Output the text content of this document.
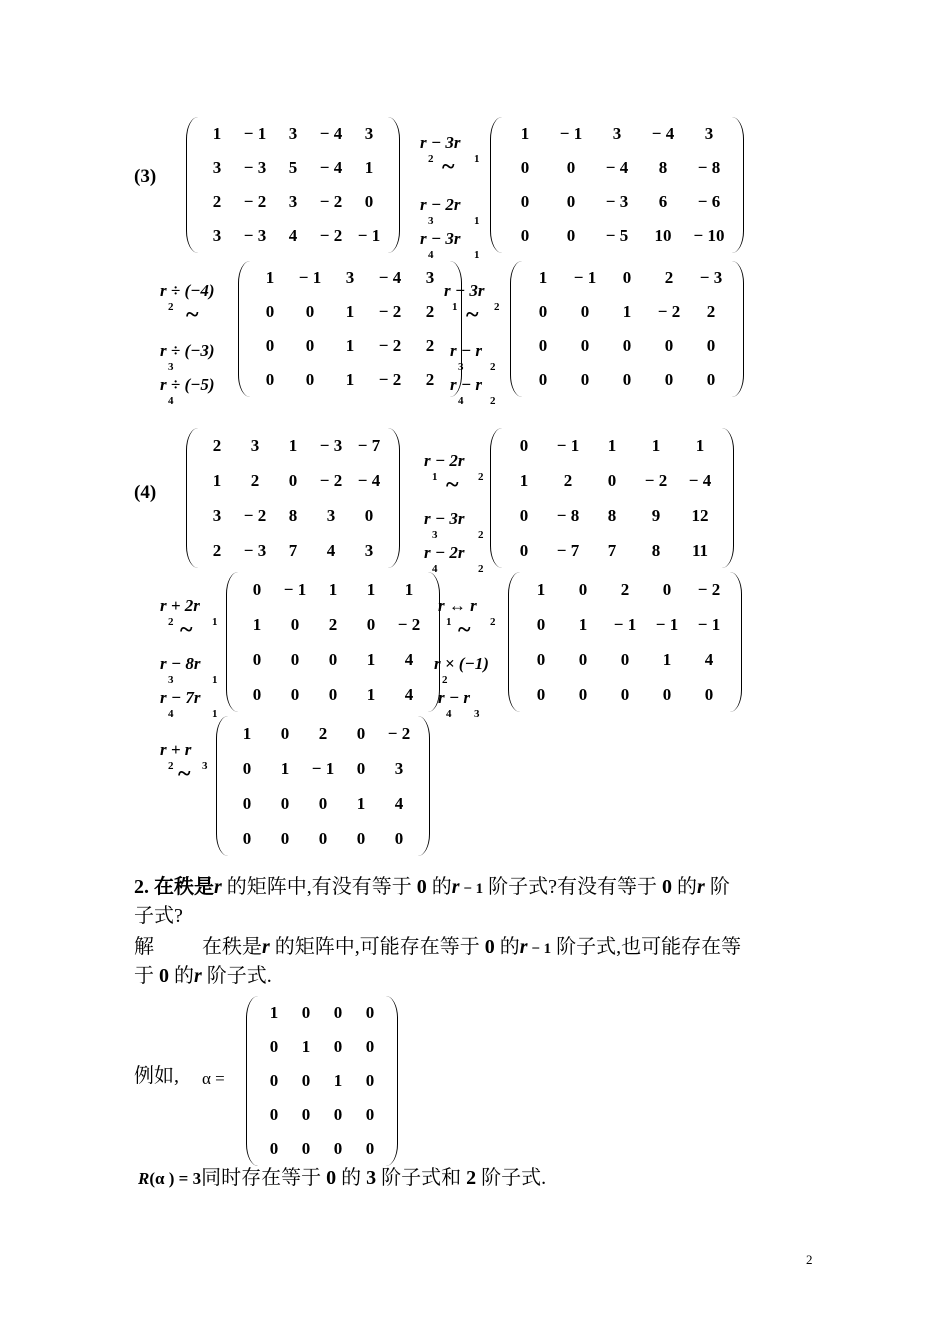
(3)
1	− 1	3	− 4	3
3	− 3	5	− 4	1
2	− 2	3	− 2	0
3	− 3	4	− 2	− 1
r − 3r
2	1
~
r − 2r
3	1
r − 3r
4	1
1	− 1	3	− 4	3
0	0	− 4	8	− 8
0	0	− 3	6	− 6
0	0	− 5	10	− 10
r ÷ (−4)
2 ~
r ÷ (−3)
3
r ÷ (−5)
4
1	− 1	3	− 4	3
0	0	1	− 2	2
0	0	1	− 2	2
0	0	1	− 2	2
r − 3r
1	2
~
r − r
3 2
r − r
4 2
1	− 1	0	2	− 3
0	0	1	− 2	2
0	0	0	0	0
0	0	0	0	0
(4)
2	3	1	− 3	− 7
1	2	0	− 2	− 4
3	− 2	8	3	0
2	− 3	7	4	3
r − 2r
1	2
~
r − 3r
3	2
r − 2r
4	2
0	− 1	1	1	1
1	2	0	− 2	− 4
0	− 8	8	9	12
0	− 7	7	8	11
r + 2r
2	1
~
r − 8r
3	1
r − 7r
4	1
0	− 1	1	1	1
1	0	2	0	− 2
0	0	0	1	4
0	0	0	1	4
r ↔ r
1	2
~
r × (−1)
2
r − r
4 3
1	0	2	0	− 2
0	1	− 1	− 1	− 1
0	0	0	1	4
0	0	0	0	0
r + r
2	3
~
1	0	2	0	− 2
0	1	− 1	0	3
0	0	0	1	4
0	0	0	0	0
2. 在秩是r 的矩阵中,有没有等于 0 的r − 1 阶子式?有没有等于 0 的r 阶
子式?
解 在秩是r 的矩阵中,可能存在等于 0 的r − 1 阶子式,也可能存在等
于 0 的r 阶子式.
例如, α =
1	0	0	0
0	1	0	0
0	0	1	0
0	0	0	0
0	0	0	0
R(α ) = 3同时存在等于 0 的 3 阶子式和 2 阶子式.
2
